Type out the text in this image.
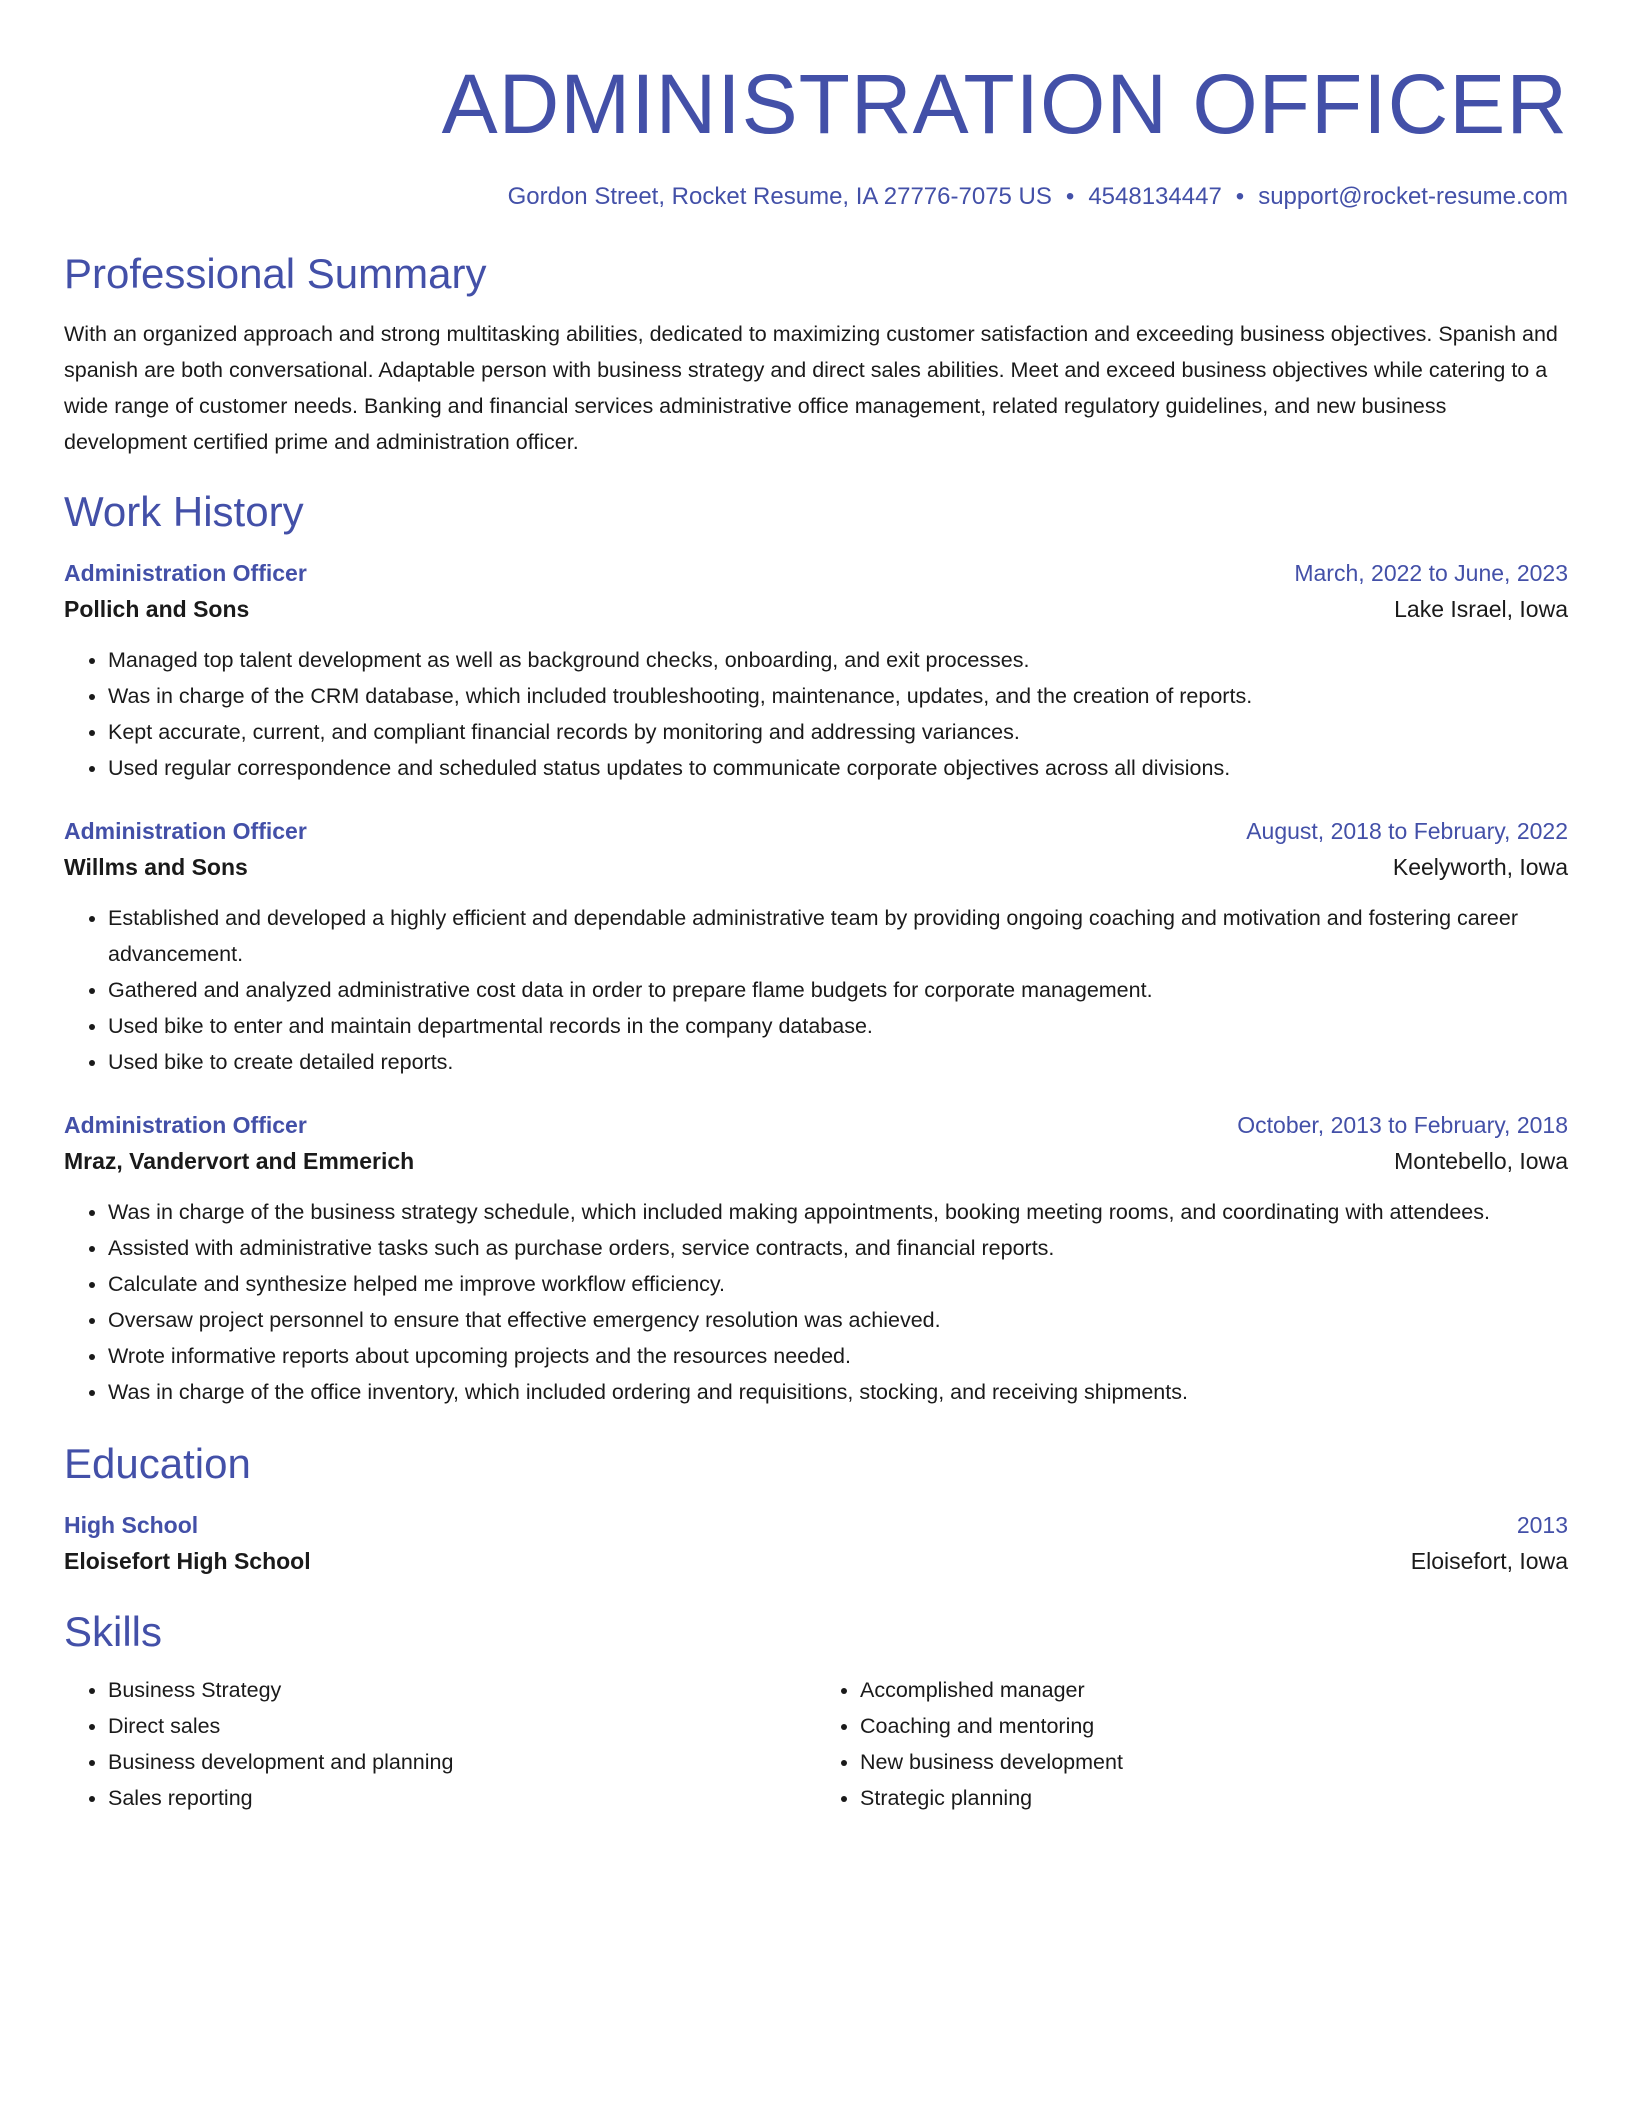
ADMINISTRATION OFFICER
Gordon Street, Rocket Resume, IA 27776-7075 US • 4548134447 • support@rocket-resume.com
Professional Summary
With an organized approach and strong multitasking abilities, dedicated to maximizing customer satisfaction and exceeding business objectives. Spanish and spanish are both conversational. Adaptable person with business strategy and direct sales abilities. Meet and exceed business objectives while catering to a wide range of customer needs. Banking and financial services administrative office management, related regulatory guidelines, and new business development certified prime and administration officer.
Work History
Administration Officer	March, 2022 to June, 2023
Pollich and Sons	Lake Israel, Iowa
• Managed top talent development as well as background checks, onboarding, and exit processes.
• Was in charge of the CRM database, which included troubleshooting, maintenance, updates, and the creation of reports.
• Kept accurate, current, and compliant financial records by monitoring and addressing variances.
• Used regular correspondence and scheduled status updates to communicate corporate objectives across all divisions.
Administration Officer	August, 2018 to February, 2022
Willms and Sons	Keelyworth, Iowa
• Established and developed a highly efficient and dependable administrative team by providing ongoing coaching and motivation and fostering career advancement.
• Gathered and analyzed administrative cost data in order to prepare flame budgets for corporate management.
• Used bike to enter and maintain departmental records in the company database.
• Used bike to create detailed reports.
Administration Officer	October, 2013 to February, 2018
Mraz, Vandervort and Emmerich	Montebello, Iowa
• Was in charge of the business strategy schedule, which included making appointments, booking meeting rooms, and coordinating with attendees.
• Assisted with administrative tasks such as purchase orders, service contracts, and financial reports.
• Calculate and synthesize helped me improve workflow efficiency.
• Oversaw project personnel to ensure that effective emergency resolution was achieved.
• Wrote informative reports about upcoming projects and the resources needed.
• Was in charge of the office inventory, which included ordering and requisitions, stocking, and receiving shipments.
Education
High School	2013
Eloisefort High School	Eloisefort, Iowa
Skills
• Business Strategy
• Direct sales
• Business development and planning
• Sales reporting
• Accomplished manager
• Coaching and mentoring
• New business development
• Strategic planning
